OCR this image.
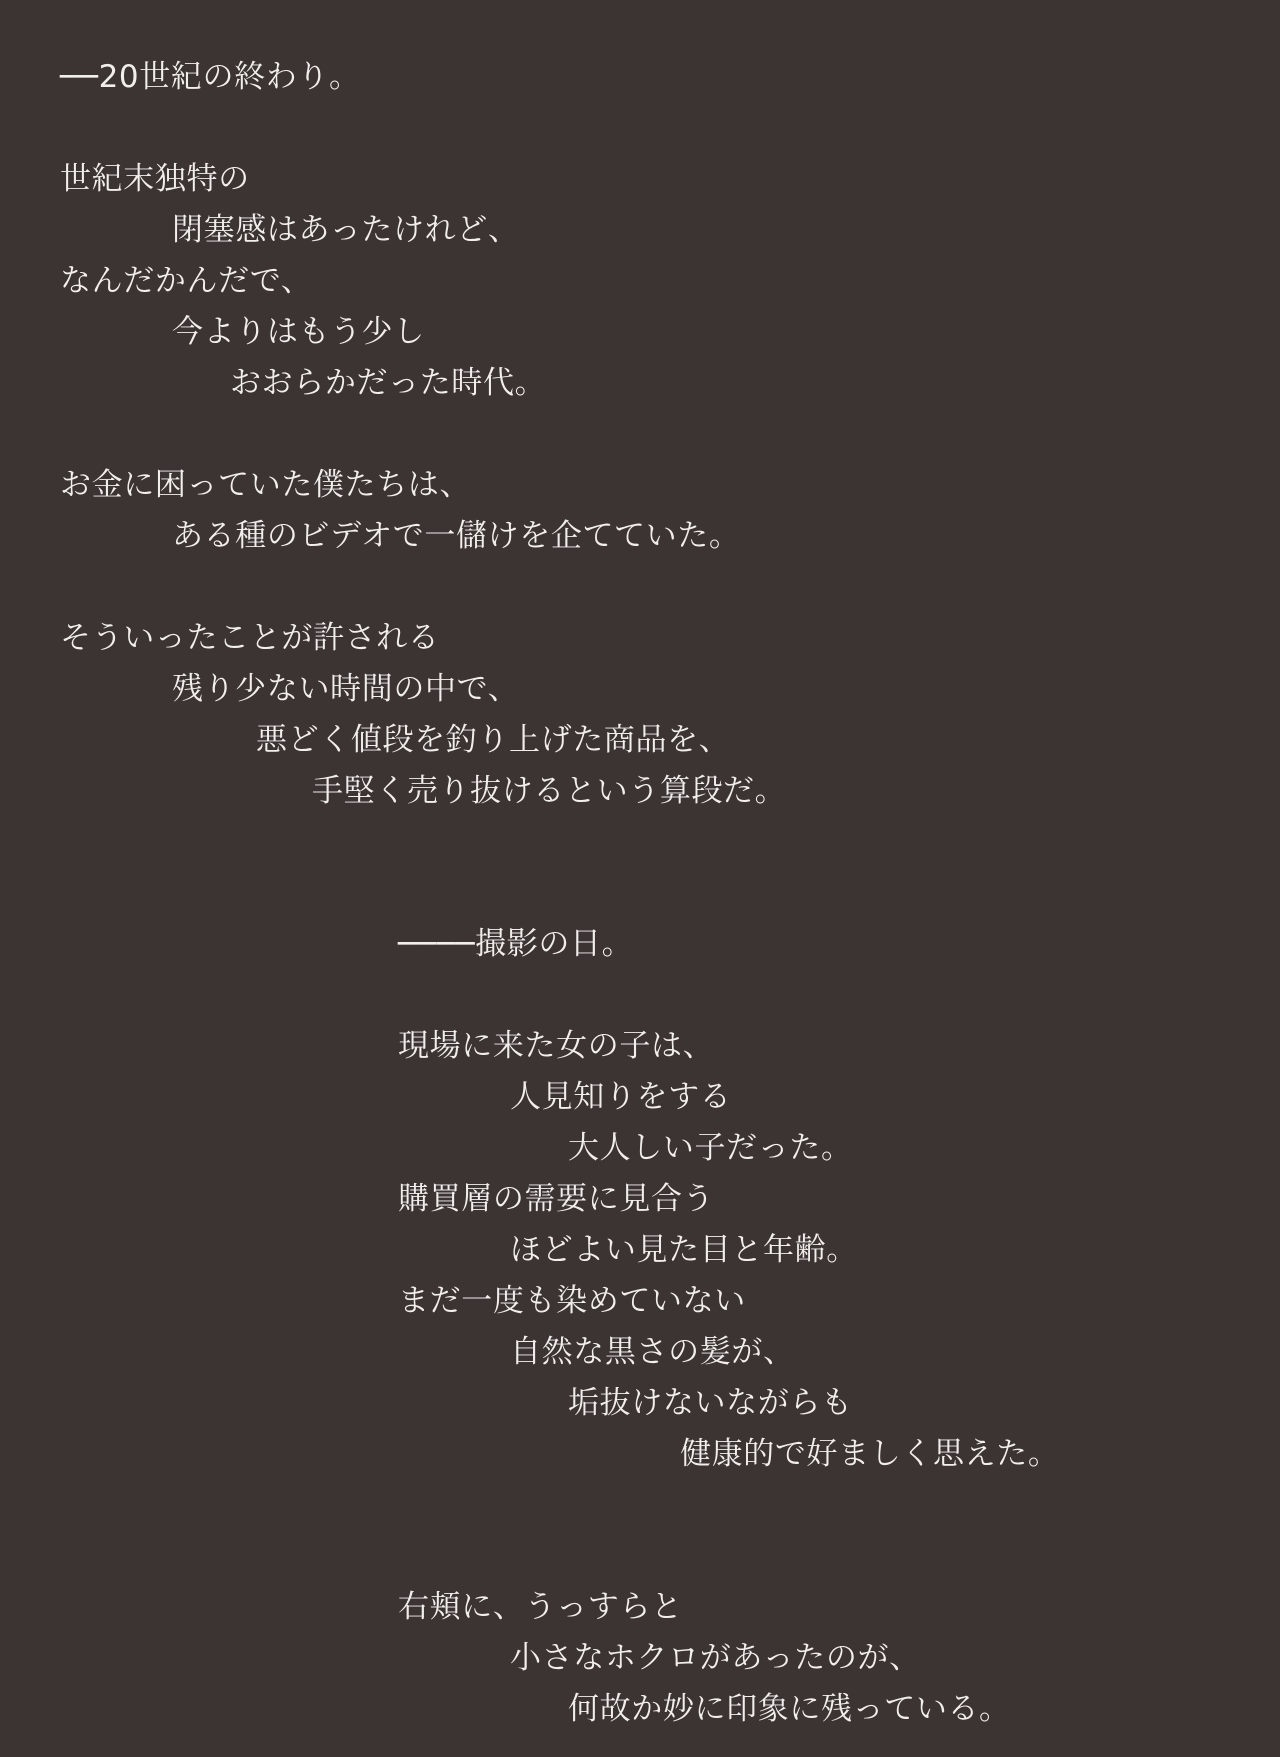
──20世紀の終わり。
世紀末独特の
閉塞感はあったけれど、
なんだかんだで、
今よりはもう少し
おおらかだった時代。
お金に困っていた僕たちは、
ある種のビデオで一儲けを企てていた。
そういったことが許される
残り少ない時間の中で、
悪どく値段を釣り上げた商品を、
手堅く売り抜けるという算段だ。
────撮影の日。
現場に来た女の子は、
人見知りをする
大人しい子だった。
購買層の需要に見合う
ほどよい見た目と年齢。
まだ一度も染めていない
自然な黒さの髪が、
垢抜けないながらも
健康的で好ましく思えた。
右頬に、うっすらと
小さなホクロがあったのが、
何故か妙に印象に残っている。
